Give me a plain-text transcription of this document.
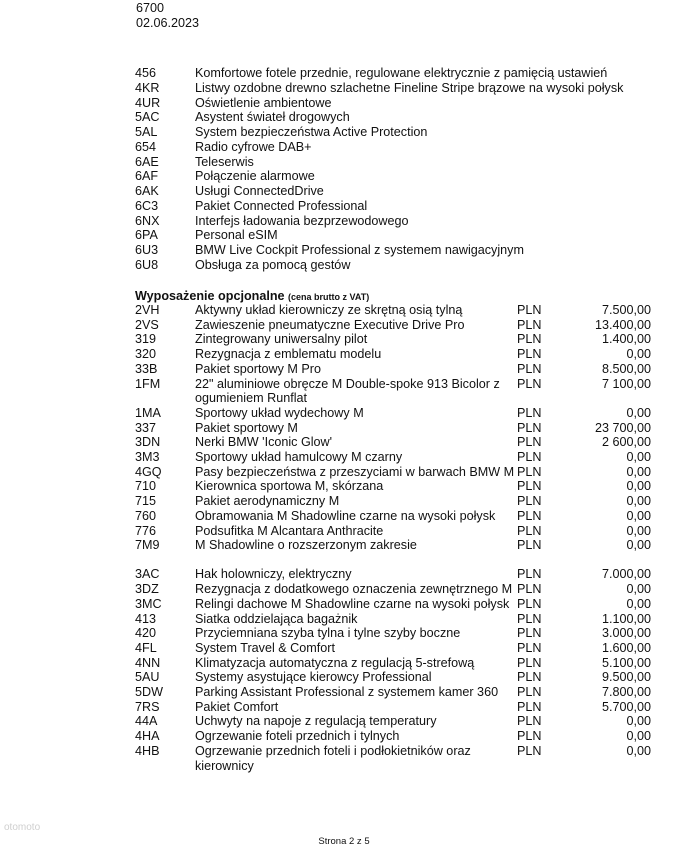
6700
02.06.2023
456	Komfortowe fotele przednie, regulowane elektrycznie z pamięcią ustawień
4KR	Listwy ozdobne drewno szlachetne Fineline Stripe brązowe na wysoki połysk
4UR	Oświetlenie ambientowe
5AC	Asystent świateł drogowych
5AL	System bezpieczeństwa Active Protection
654	Radio cyfrowe DAB+
6AE	Teleserwis
6AF	Połączenie alarmowe
6AK	Usługi ConnectedDrive
6C3	Pakiet Connected Professional
6NX	Interfejs ładowania bezprzewodowego
6PA	Personal eSIM
6U3	BMW Live Cockpit Professional z systemem nawigacyjnym
6U8	Obsługa za pomocą gestów
Wyposażenie opcjonalne (cena brutto z VAT)
2VH	Aktywny układ kierowniczy ze skrętną osią tylną	PLN	7.500,00
2VS	Zawieszenie pneumatyczne Executive Drive Pro	PLN	13.400,00
319	Zintegrowany uniwersalny pilot	PLN	1.400,00
320	Rezygnacja z emblematu modelu	PLN	0,00
33B	Pakiet sportowy M Pro	PLN	8.500,00
1FM	22" aluminiowe obręcze M Double-spoke 913 Bicolor z ogumieniem Runflat
PLN	7 100,00
1MA	Sportowy układ wydechowy M	PLN	0,00
337	Pakiet sportowy M	PLN	23 700,00
3DN	Nerki BMW 'Iconic Glow'	PLN	2 600,00
3M3	Sportowy układ hamulcowy M czarny	PLN	0,00
4GQ	Pasy bezpieczeństwa z przeszyciami w barwach BMW M PLN	0,00
710	Kierownica sportowa M, skórzana	PLN	0,00
715	Pakiet aerodynamiczny M	PLN	0,00
760	Obramowania M Shadowline czarne na wysoki połysk	PLN	0,00
776	Podsufitka M Alcantara Anthracite	PLN	0,00
7M9	M Shadowline o rozszerzonym zakresie	PLN	0,00
3AC	Hak holowniczy, elektryczny	PLN	7.000,00
3DZ	Rezygnacja z dodatkowego oznaczenia zewnętrznego M PLN	0,00
3MC	Relingi dachowe M Shadowline czarne na wysoki połysk PLN	0,00
413	Siatka oddzielająca bagażnik	PLN	1.100,00
420	Przyciemniana szyba tylna i tylne szyby boczne	PLN	3.000,00
4FL	System Travel & Comfort	PLN	1.600,00
4NN	Klimatyzacja automatyczna z regulacją 5-strefową	PLN	5.100,00
5AU	Systemy asystujące kierowcy Professional	PLN	9.500,00
5DW	Parking Assistant Professional z systemem kamer 360	PLN	7.800,00
7RS	Pakiet Comfort	PLN	5.700,00
44A	Uchwyty na napoje z regulacją temperatury	PLN	0,00
4HA	Ogrzewanie foteli przednich i tylnych	PLN	0,00
4HB	Ogrzewanie przednich foteli i podłokietników oraz kierownicy
PLN	0,00
Strona 2 z 5
otomoto
